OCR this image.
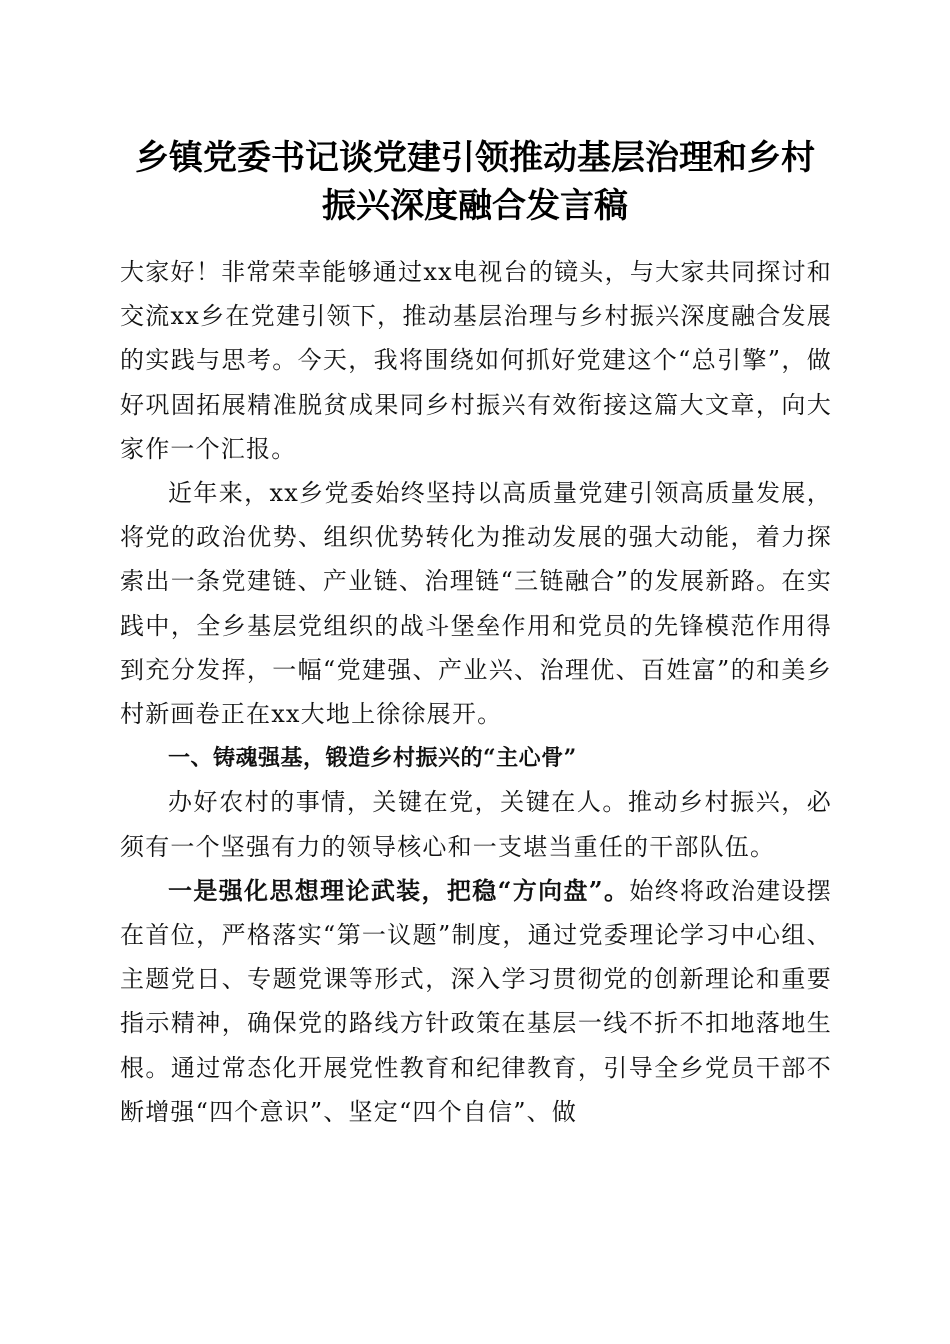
乡镇党委书记谈党建引领推动基层治理和乡村
振兴深度融合发言稿

大家好！非常荣幸能够通过xx电视台的镜头，与大家共同探讨和交流xx乡在党建引领下，推动基层治理与乡村振兴深度融合发展的实践与思考。今天，我将围绕如何抓好党建这个“总引擎”，做好巩固拓展精准脱贫成果同乡村振兴有效衔接这篇大文章，向大家作一个汇报。

近年来，xx乡党委始终坚持以高质量党建引领高质量发展，将党的政治优势、组织优势转化为推动发展的强大动能，着力探索出一条党建链、产业链、治理链“三链融合”的发展新路。在实践中，全乡基层党组织的战斗堡垒作用和党员的先锋模范作用得到充分发挥，一幅“党建强、产业兴、治理优、百姓富”的和美乡村新画卷正在xx大地上徐徐展开。

一、铸魂强基，锻造乡村振兴的“主心骨”

办好农村的事情，关键在党，关键在人。推动乡村振兴，必须有一个坚强有力的领导核心和一支堪当重任的干部队伍。

一是强化思想理论武装，把稳“方向盘”。始终将政治建设摆在首位，严格落实“第一议题”制度，通过党委理论学习中心组、主题党日、专题党课等形式，深入学习贯彻党的创新理论和重要指示精神，确保党的路线方针政策在基层一线不折不扣地落地生根。通过常态化开展党性教育和纪律教育，引导全乡党员干部不断增强“四个意识”、坚定“四个自信”、做
